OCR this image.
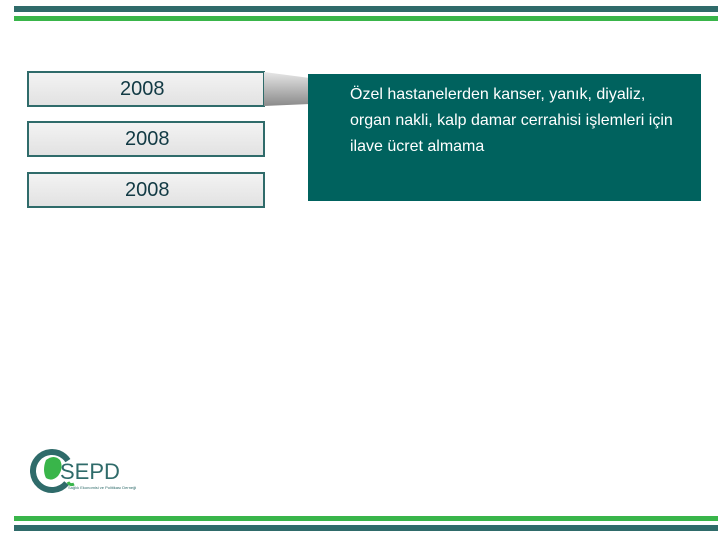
2008
2008
2008
Özel hastanelerden kanser, yanık, diyaliz, organ nakli, kalp damar cerrahisi işlemleri için ilave ücret almama
SEPD
Sağlık Ekonomisi ve Politikası Derneği
